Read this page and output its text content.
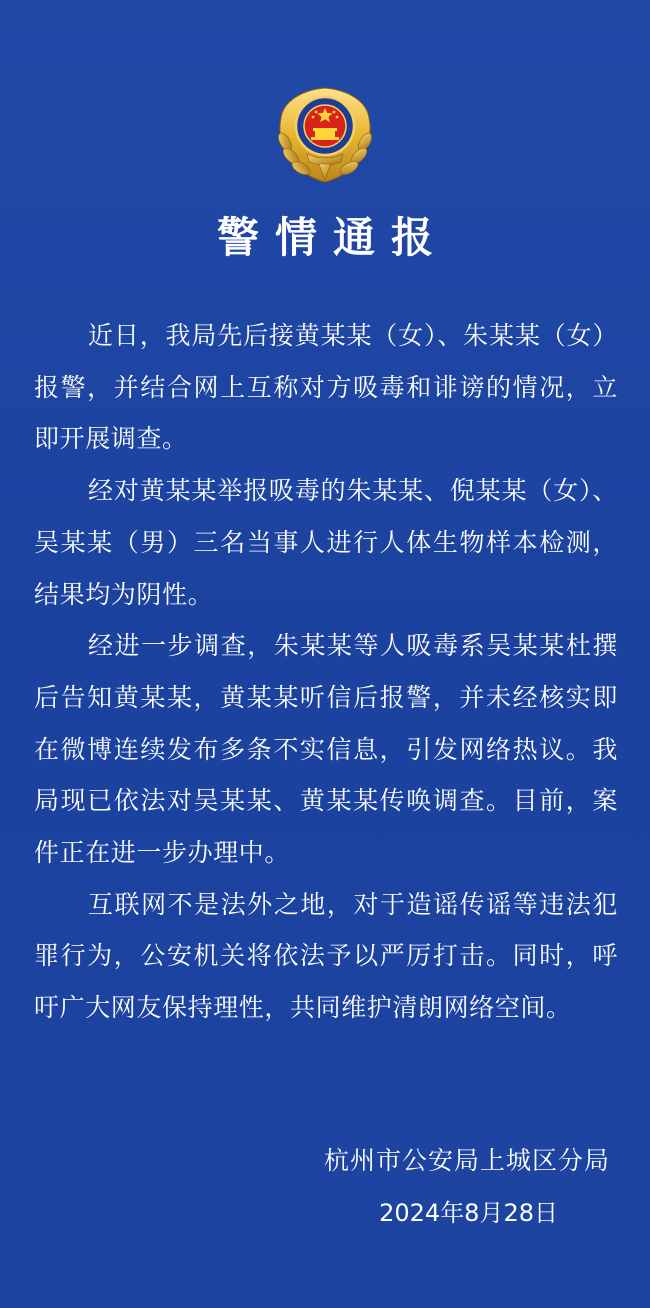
警情通报

近日，我局先后接黄某某（女）、朱某某（女）报警，并结合网上互称对方吸毒和诽谤的情况，立即开展调查。

经对黄某某举报吸毒的朱某某、倪某某（女）、吴某某（男）三名当事人进行人体生物样本检测，结果均为阴性。

经进一步调查，朱某某等人吸毒系吴某某杜撰后告知黄某某，黄某某听信后报警，并未经核实即在微博连续发布多条不实信息，引发网络热议。我局现已依法对吴某某、黄某某传唤调查。目前，案件正在进一步办理中。

互联网不是法外之地，对于造谣传谣等违法犯罪行为，公安机关将依法予以严厉打击。同时，呼吁广大网友保持理性，共同维护清朗网络空间。

杭州市公安局上城区分局
2024年8月28日
